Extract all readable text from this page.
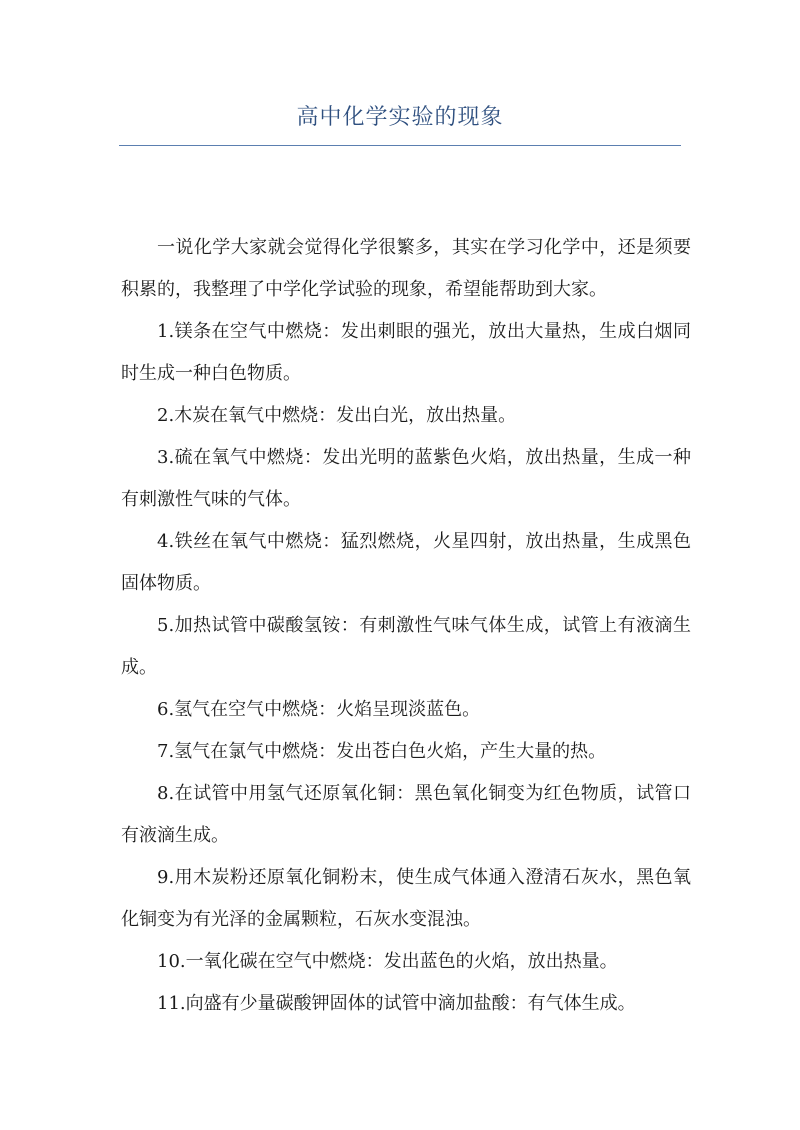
高中化学实验的现象

一说化学大家就会觉得化学很繁多，其实在学习化学中，还是须要积累的，我整理了中学化学试验的现象，希望能帮助到大家。

1.镁条在空气中燃烧：发出刺眼的强光，放出大量热，生成白烟同时生成一种白色物质。

2.木炭在氧气中燃烧：发出白光，放出热量。

3.硫在氧气中燃烧：发出光明的蓝紫色火焰，放出热量，生成一种有刺激性气味的气体。

4.铁丝在氧气中燃烧：猛烈燃烧，火星四射，放出热量，生成黑色固体物质。

5.加热试管中碳酸氢铵：有刺激性气味气体生成，试管上有液滴生成。

6.氢气在空气中燃烧：火焰呈现淡蓝色。

7.氢气在氯气中燃烧：发出苍白色火焰，产生大量的热。

8.在试管中用氢气还原氧化铜：黑色氧化铜变为红色物质，试管口有液滴生成。

9.用木炭粉还原氧化铜粉末，使生成气体通入澄清石灰水，黑色氧化铜变为有光泽的金属颗粒，石灰水变混浊。

10.一氧化碳在空气中燃烧：发出蓝色的火焰，放出热量。

11.向盛有少量碳酸钾固体的试管中滴加盐酸：有气体生成。
